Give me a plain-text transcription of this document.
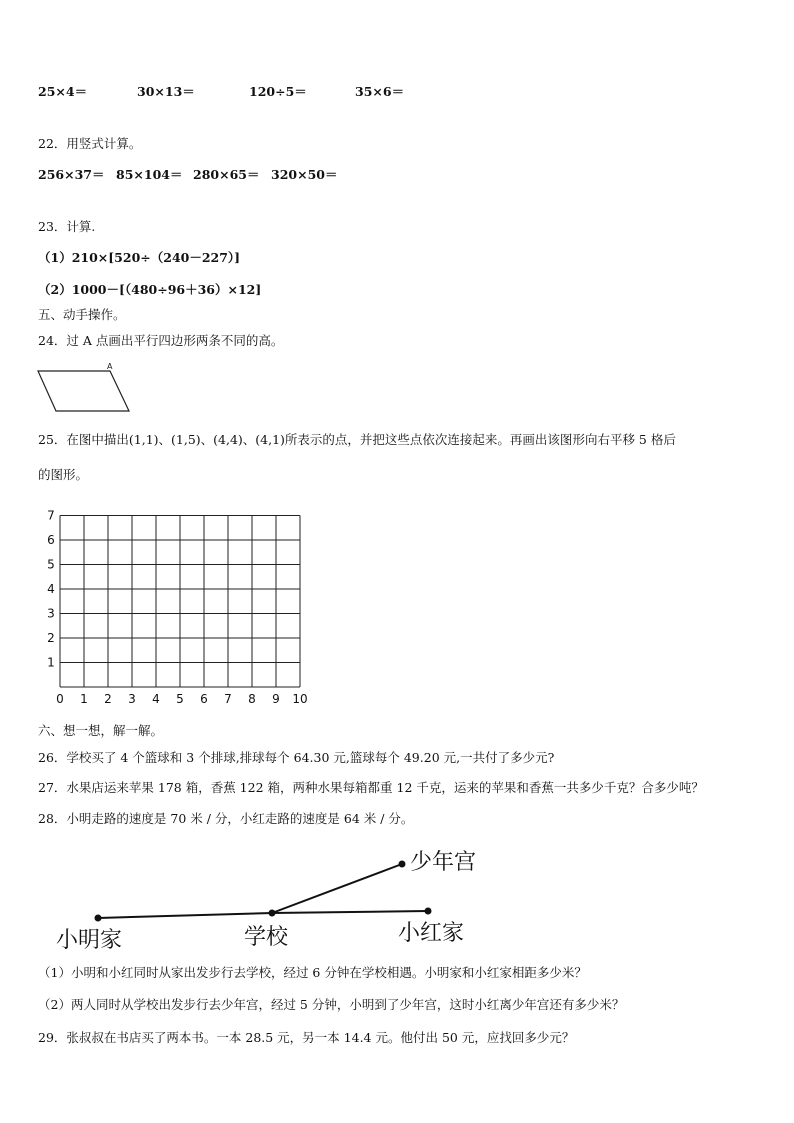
25×4＝	30×13＝	120÷5＝	35×6＝
22．用竖式计算。
256×37＝ 85×104＝ 280×65＝ 320×50＝
23．计算.
（1）210×[520÷（240－227）]
（2）1000－[（480÷96＋36）×12]
五、动手操作。
24．过 A 点画出平行四边形两条不同的高。
A
25．在图中描出(1,1)、(1,5)、(4,4)、(4,1)所表示的点，并把这些点依次连接起来。再画出该图形向右平移 5 格后
的图形。
0 1 2 3 4 5 6 7 8 9 10
1
2
3
4
5
6
7
六、想一想，解一解。
26．学校买了 4 个篮球和 3 个排球,排球每个 64.30 元,篮球每个 49.20 元,一共付了多少元?
27．水果店运来苹果 178 箱，香蕉 122 箱，两种水果每箱都重 12 千克，运来的苹果和香蕉一共多少千克？合多少吨？
28．小明走路的速度是 70 米 / 分，小红走路的速度是 64 米 / 分。
少年宫
小明家	学校	小红家
（1）小明和小红同时从家出发步行去学校，经过 6 分钟在学校相遇。小明家和小红家相距多少米？
（2）两人同时从学校出发步行去少年宫，经过 5 分钟，小明到了少年宫，这时小红离少年宫还有多少米？
29．张叔叔在书店买了两本书。一本 28.5 元，另一本 14.4 元。他付出 50 元，应找回多少元？
